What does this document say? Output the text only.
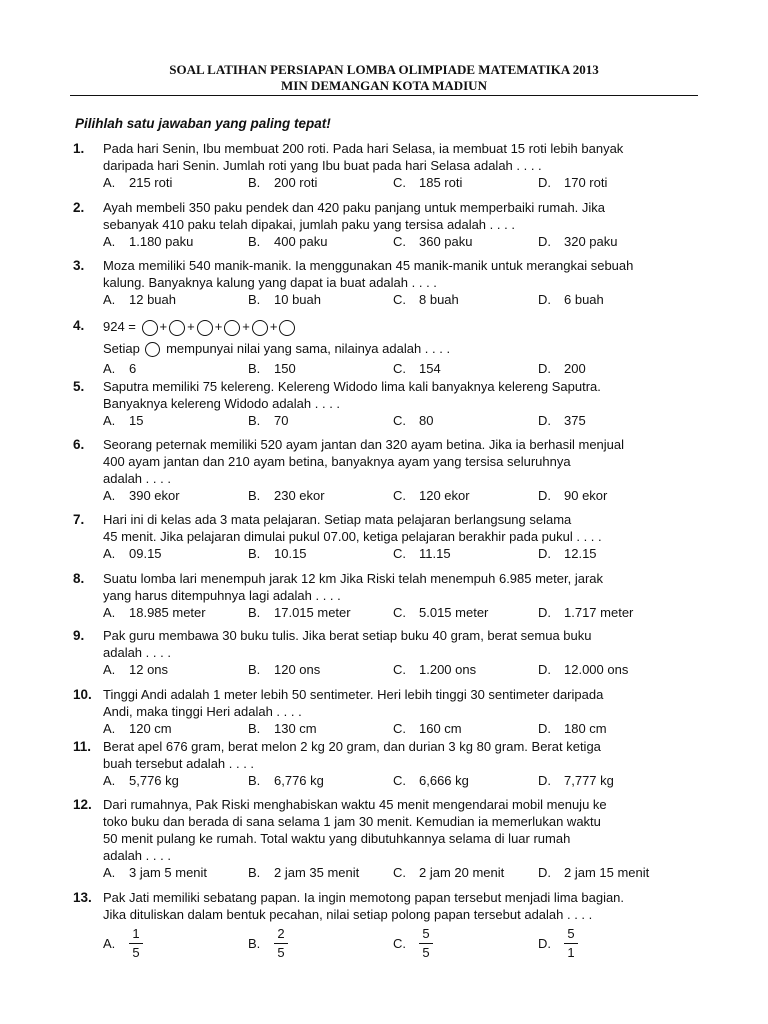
SOAL LATIHAN PERSIAPAN LOMBA OLIMPIADE MATEMATIKA 2013
MIN DEMANGAN KOTA MADIUN
Pilihlah satu jawaban yang paling tepat!
1. Pada hari Senin, Ibu membuat 200 roti. Pada hari Selasa, ia membuat 15 roti lebih banyak
daripada hari Senin. Jumlah roti yang Ibu buat pada hari Selasa adalah . . . .
A. 215 roti	B. 200 roti	C. 185 roti	D. 170 roti
2. Ayah membeli 350 paku pendek dan 420 paku panjang untuk memperbaiki rumah. Jika
sebanyak 410 paku telah dipakai, jumlah paku yang tersisa adalah . . . .
A. 1.180 paku	B. 400 paku	C. 360 paku	D. 320 paku
3. Moza memiliki 540 manik-manik. Ia menggunakan 45 manik-manik untuk merangkai sebuah
kalung. Banyaknya kalung yang dapat ia buat adalah . . . .
A. 12 buah	B. 10 buah	C. 8 buah	D. 6 buah
4. 924 = + + + + +
Setiap  mempunyai nilai yang sama, nilainya adalah . . . .
A. 6	B. 150	C. 154	D. 200
5. Saputra memiliki 75 kelereng. Kelereng Widodo lima kali banyaknya kelereng Saputra.
Banyaknya kelereng Widodo adalah . . . .
A. 15	B. 70	C. 80	D. 375
6. Seorang peternak memiliki 520 ayam jantan dan 320 ayam betina. Jika ia berhasil menjual
400 ayam jantan dan 210 ayam betina, banyaknya ayam yang tersisa seluruhnya
adalah . . . .
A. 390 ekor	B. 230 ekor	C. 120 ekor	D. 90 ekor
7. Hari ini di kelas ada 3 mata pelajaran. Setiap mata pelajaran berlangsung selama
45 menit. Jika pelajaran dimulai pukul 07.00, ketiga pelajaran berakhir pada pukul . . . .
A. 09.15	B. 10.15	C. 11.15	D. 12.15
8. Suatu lomba lari menempuh jarak 12 km Jika Riski telah menempuh 6.985 meter, jarak
yang harus ditempuhnya lagi adalah . . . .
A. 18.985 meter	B. 17.015 meter	C. 5.015 meter	D. 1.717 meter
9. Pak guru membawa 30 buku tulis. Jika berat setiap buku 40 gram, berat semua buku
adalah . . . .
A. 12 ons	B. 120 ons	C. 1.200 ons	D. 12.000 ons
10. Tinggi Andi adalah 1 meter lebih 50 sentimeter. Heri lebih tinggi 30 sentimeter daripada
Andi, maka tinggi Heri adalah . . . .
A. 120 cm	B. 130 cm	C. 160 cm	D. 180 cm
11. Berat apel 676 gram, berat melon 2 kg 20 gram, dan durian 3 kg 80 gram. Berat ketiga
buah tersebut adalah . . . .
A. 5,776 kg	B. 6,776 kg	C. 6,666 kg	D. 7,777 kg
12. Dari rumahnya, Pak Riski menghabiskan waktu 45 menit mengendarai mobil menuju ke
toko buku dan berada di sana selama 1 jam 30 menit. Kemudian ia memerlukan waktu
50 menit pulang ke rumah. Total waktu yang dibutuhkannya selama di luar rumah
adalah . . . .
A. 3 jam 5 menit	B. 2 jam 35 menit	C. 2 jam 20 menit	D. 2 jam 15 menit
13. Pak Jati memiliki sebatang papan. Ia ingin memotong papan tersebut menjadi lima bagian.
Jika dituliskan dalam bentuk pecahan, nilai setiap polong papan tersebut adalah . . . .
A.
1
5
B.
2
5
C.
5
5
D.
5
1
